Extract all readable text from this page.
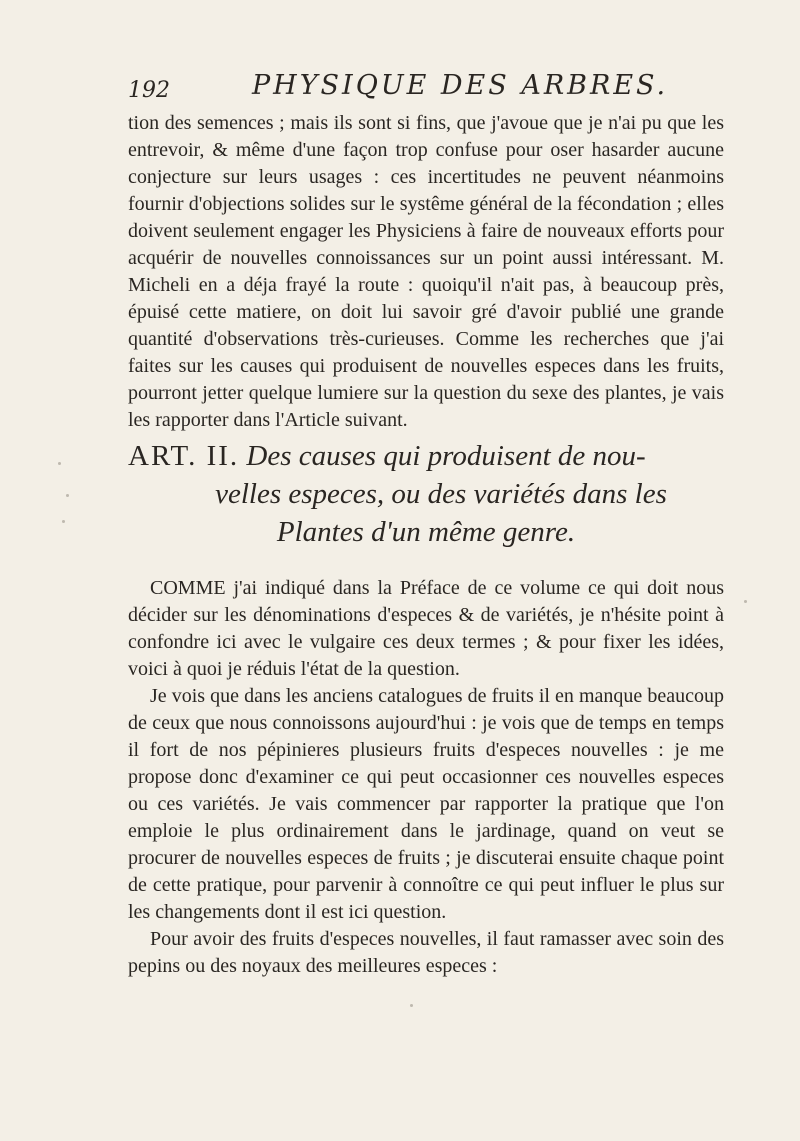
192	PHYSIQUE DES ARBRES.

tion des semences ; mais ils sont si fins, que j'avoue que je n'ai pu que les entrevoir, & même d'une façon trop confuse pour oser hasarder aucune conjecture sur leurs usages : ces incertitudes ne peuvent néanmoins fournir d'objections solides sur le systême général de la fécondation ; elles doivent seulement engager les Physiciens à faire de nouveaux efforts pour acquérir de nouvelles connoissances sur un point aussi intéressant. M. Micheli en a déja frayé la route : quoiqu'il n'ait pas, à beaucoup près, épuisé cette matiere, on doit lui savoir gré d'avoir publié une grande quantité d'observations très-curieuses. Comme les recherches que j'ai faites sur les causes qui produisent de nouvelles especes dans les fruits, pourront jetter quelque lumiere sur la question du sexe des plantes, je vais les rapporter dans l'Article suivant.

ART. II. Des causes qui produisent de nou-
velles especes, ou des variétés dans les
Plantes d'un même genre.

COMME j'ai indiqué dans la Préface de ce volume ce qui doit nous décider sur les dénominations d'especes & de variétés, je n'hésite point à confondre ici avec le vulgaire ces deux termes ; & pour fixer les idées, voici à quoi je réduis l'état de la question.

Je vois que dans les anciens catalogues de fruits il en manque beaucoup de ceux que nous connoissons aujourd'hui : je vois que de temps en temps il fort de nos pépinieres plusieurs fruits d'especes nouvelles : je me propose donc d'examiner ce qui peut occasionner ces nouvelles especes ou ces variétés. Je vais commencer par rapporter la pratique que l'on emploie le plus ordinairement dans le jardinage, quand on veut se procurer de nouvelles especes de fruits ; je discuterai ensuite chaque point de cette pratique, pour parvenir à connoître ce qui peut influer le plus sur les changements dont il est ici question.

Pour avoir des fruits d'especes nouvelles, il faut ramasser avec soin des pepins ou des noyaux des meilleures especes :
